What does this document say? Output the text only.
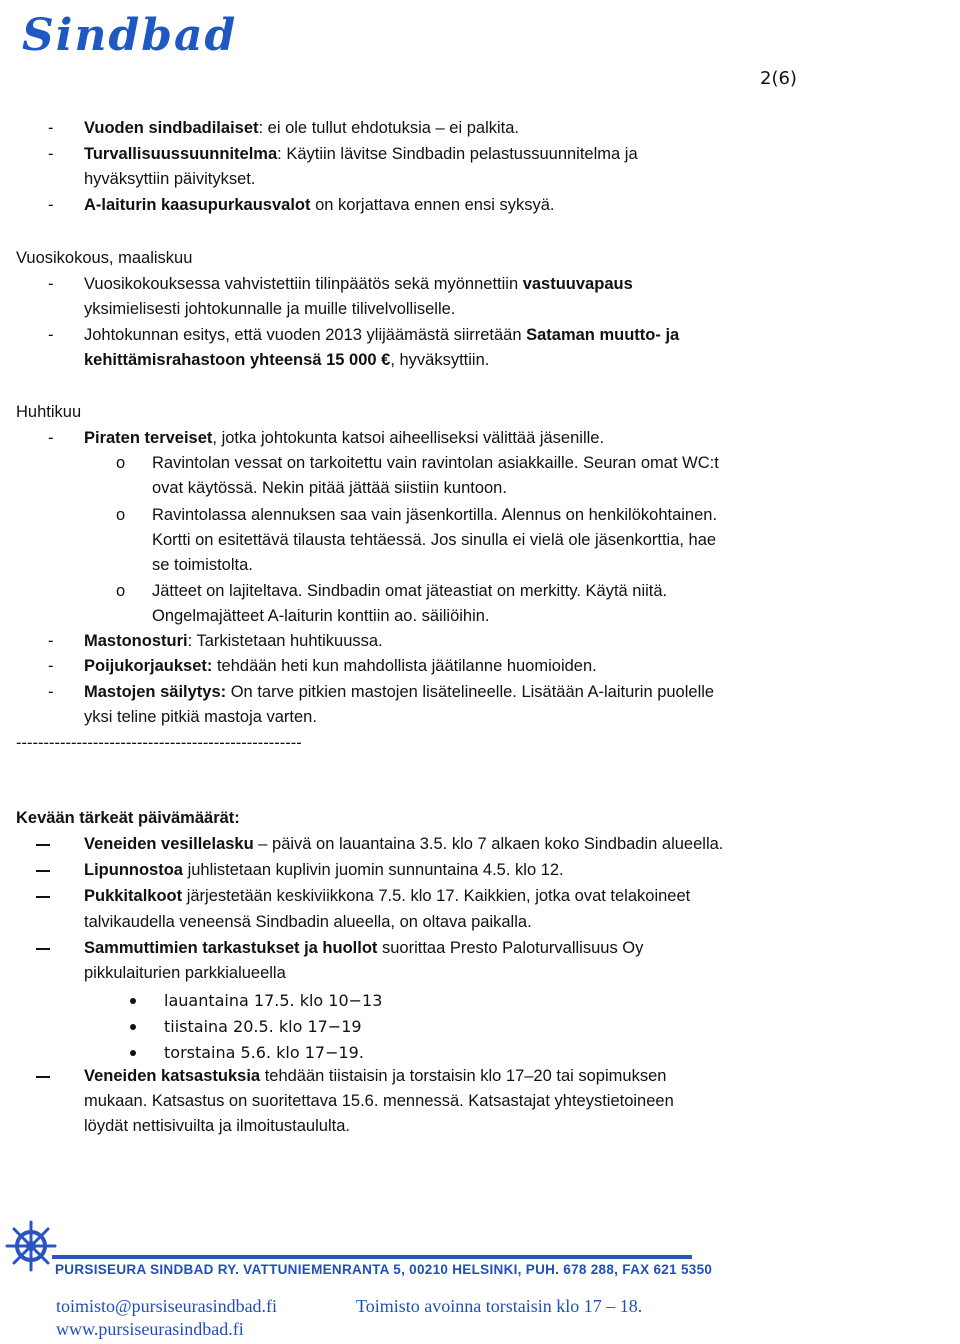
Sindbad
2(6)
- Vuoden sindbadilaiset: ei ole tullut ehdotuksia – ei palkita.
- Turvallisuussuunnitelma: Käytiin lävitse Sindbadin pelastussuunnitelma ja
hyväksyttiin päivitykset.
- A-laiturin kaasupurkausvalot on korjattava ennen ensi syksyä.
Vuosikokous, maaliskuu
- Vuosikokouksessa vahvistettiin tilinpäätös sekä myönnettiin vastuuvapaus
yksimielisesti johtokunnalle ja muille tilivelvolliselle.
- Johtokunnan esitys, että vuoden 2013 ylijäämästä siirretään Sataman muutto- ja
kehittämisrahastoon yhteensä 15 000 €, hyväksyttiin.
Huhtikuu
- Piraten terveiset, jotka johtokunta katsoi aiheelliseksi välittää jäsenille.
o Ravintolan vessat on tarkoitettu vain ravintolan asiakkaille. Seuran omat WC:t
ovat käytössä. Nekin pitää jättää siistiin kuntoon.
o Ravintolassa alennuksen saa vain jäsenkortilla. Alennus on henkilökohtainen.
Kortti on esitettävä tilausta tehtäessä. Jos sinulla ei vielä ole jäsenkorttia, hae
se toimistolta.
o Jätteet on lajiteltava. Sindbadin omat jäteastiat on merkitty. Käytä niitä.
Ongelmajätteet A-laiturin konttiin ao. säiliöihin.
- Mastonosturi: Tarkistetaan huhtikuussa.
- Poijukorjaukset: tehdään heti kun mahdollista jäätilanne huomioiden.
- Mastojen säilytys: On tarve pitkien mastojen lisätelineelle. Lisätään A-laiturin puolelle
yksi teline pitkiä mastoja varten.
----------------------------------------------------
Kevään tärkeät päivämäärät:
Veneiden vesillelasku – päivä on lauantaina 3.5. klo 7 alkaen koko Sindbadin alueella.
Lipunnostoa juhlistetaan kuplivin juomin sunnuntaina 4.5. klo 12.
Pukkitalkoot järjestetään keskiviikkona 7.5. klo 17. Kaikkien, jotka ovat telakoineet
talvikaudella veneensä Sindbadin alueella, on oltava paikalla.
Sammuttimien tarkastukset ja huollot suorittaa Presto Paloturvallisuus Oy
pikkulaiturien parkkialueella
lauantaina 17.5. klo 10−13
tiistaina 20.5. klo 17−19
torstaina 5.6. klo 17−19.
Veneiden katsastuksia tehdään tiistaisin ja torstaisin klo 17–20 tai sopimuksen
mukaan. Katsastus on suoritettava 15.6. mennessä. Katsastajat yhteystietoineen
löydät nettisivuilta ja ilmoitustaululta.
PURSISEURA SINDBAD RY. VATTUNIEMENRANTA 5, 00210 HELSINKI, PUH. 678 288, FAX 621 5350
toimisto@pursiseurasindbad.fi	Toimisto avoinna torstaisin klo 17 – 18.
www.pursiseurasindbad.fi
